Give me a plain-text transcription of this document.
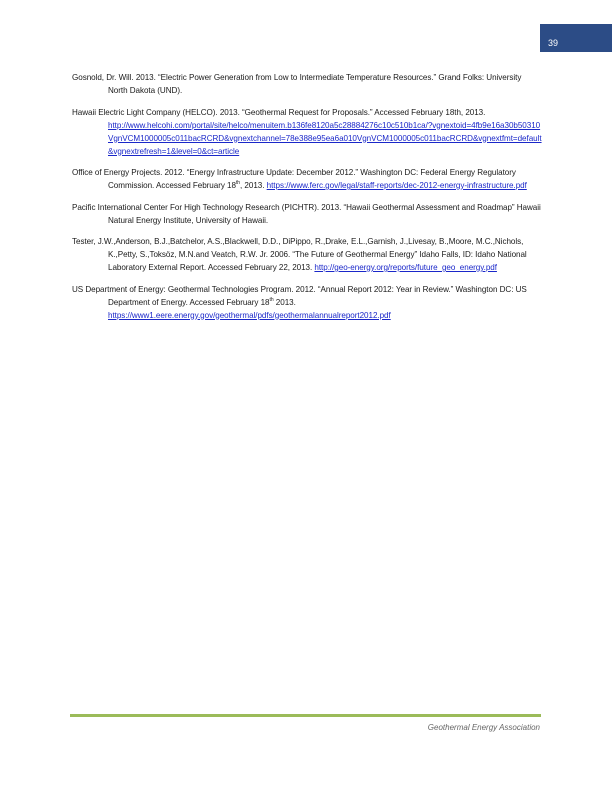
39

Gosnold, Dr. Will. 2013. “Electric Power Generation from Low to Intermediate Temperature Resources.” Grand Folks: University North Dakota (UND).

Hawaii Electric Light Company (HELCO). 2013. “Geothermal Request for Proposals.” Accessed February 18th, 2013.
http://www.helcohi.com/portal/site/helco/menuitem.b136fe8120a5c28884276c10c510b1ca/?vgnextoid=4fb9e16a30b50310VgnVCM1000005c011bacRCRD&vgnextchannel=78e388e95ea6a010VgnVCM1000005c011bacRCRD&vgnextfmt=default&vgnextrefresh=1&level=0&ct=article

Office of Energy Projects. 2012. “Energy Infrastructure Update: December 2012.” Washington DC: Federal Energy Regulatory Commission. Accessed February 18th, 2013. https://www.ferc.gov/legal/staff-reports/dec-2012-energy-infrastructure.pdf

Pacific International Center For High Technology Research (PICHTR). 2013. “Hawaii Geothermal Assessment and Roadmap” Hawaii Natural Energy Institute, University of Hawaii.

Tester, J.W.,Anderson, B.J.,Batchelor, A.S.,Blackwell, D.D., DiPippo, R.,Drake, E.L.,Garnish, J.,Livesay, B.,Moore, M.C.,Nichols, K.,Petty, S.,Toksöz, M.N.and Veatch, R.W. Jr. 2006. “The Future of Geothermal Energy” Idaho Falls, ID: Idaho National Laboratory External Report. Accessed February 22, 2013. http://geo-energy.org/reports/future_geo_energy.pdf

US Department of Energy: Geothermal Technologies Program. 2012. “Annual Report 2012: Year in Review.” Washington DC: US Department of Energy. Accessed February 18th 2013.
https://www1.eere.energy.gov/geothermal/pdfs/geothermalannualreport2012.pdf

Geothermal Energy Association
